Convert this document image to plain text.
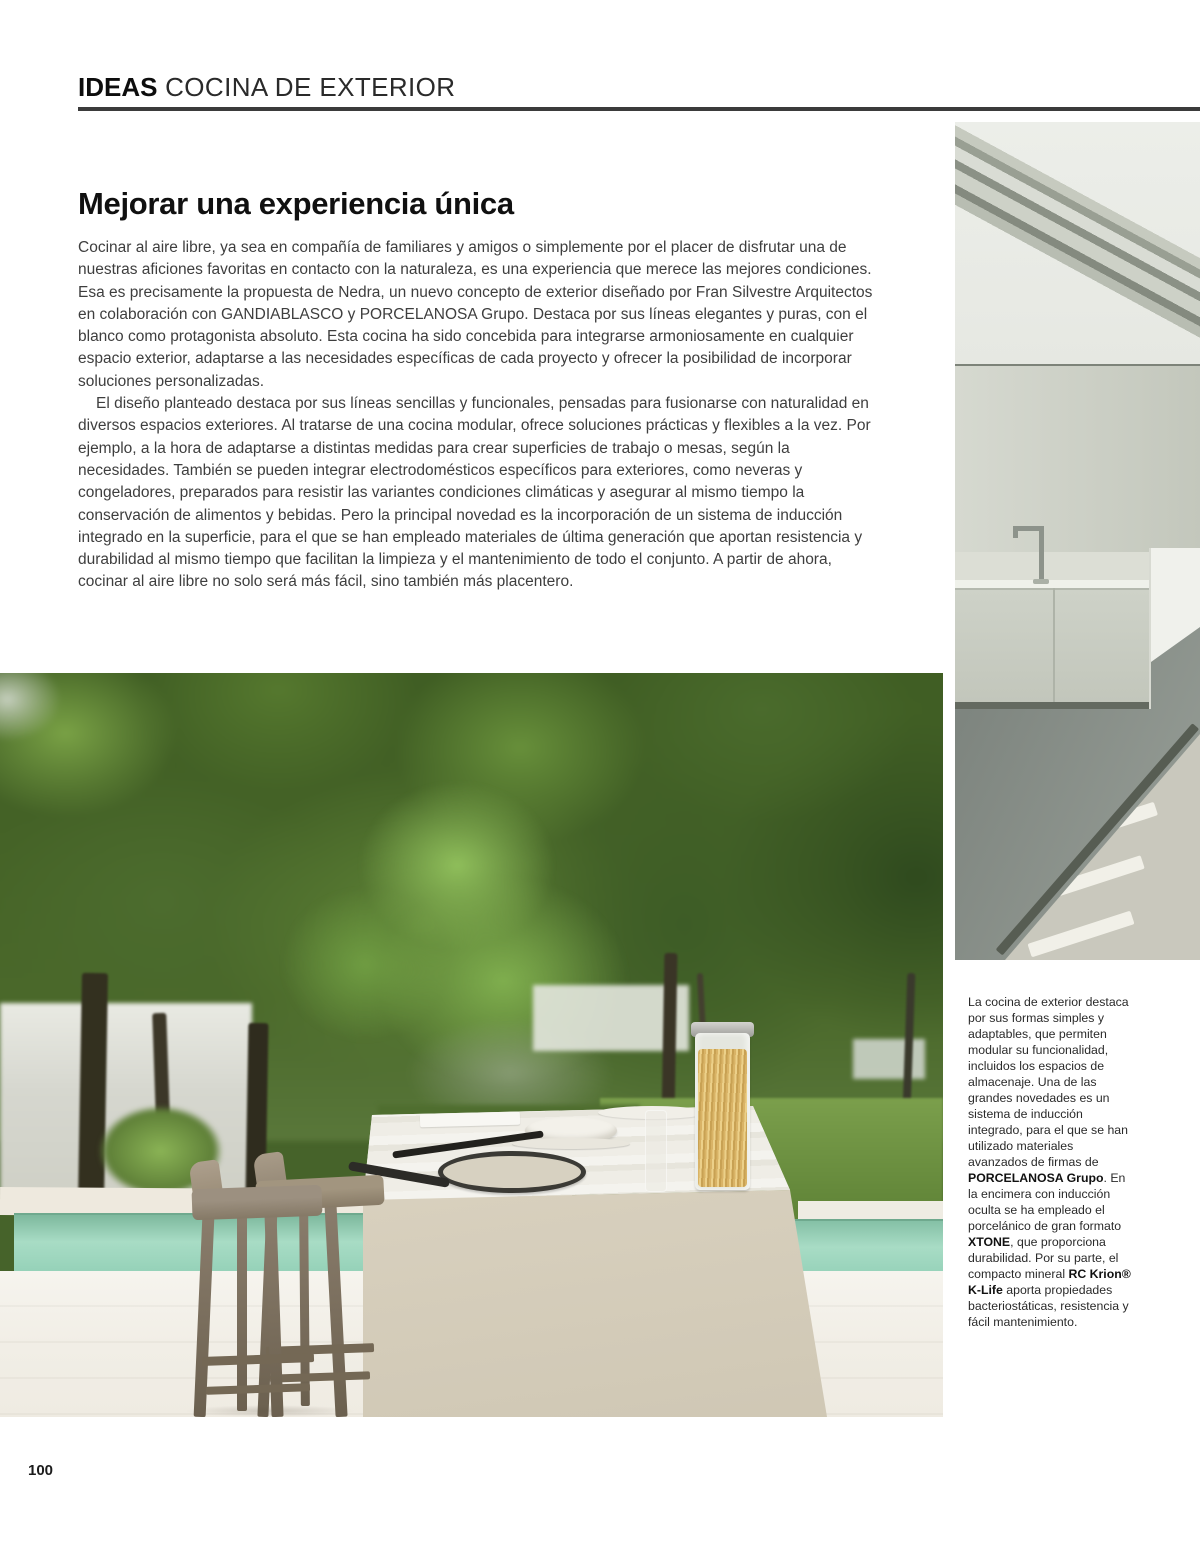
IDEAS COCINA DE EXTERIOR
Mejorar una experiencia única

Cocinar al aire libre, ya sea en compañía de familiares y amigos o simplemente por el placer de disfrutar una de nuestras aficiones favoritas en contacto con la naturaleza, es una experiencia que merece las mejores condiciones. Esa es precisamente la propuesta de Nedra, un nuevo concepto de exterior diseñado por Fran Silvestre Arquitectos en colaboración con GANDIABLASCO y PORCELANOSA Grupo. Destaca por sus líneas elegantes y puras, con el blanco como protagonista absoluto. Esta cocina ha sido concebida para integrarse armoniosamente en cualquier espacio exterior, adaptarse a las necesidades específicas de cada proyecto y ofrecer la posibilidad de incorporar soluciones personalizadas.

El diseño planteado destaca por sus líneas sencillas y funcionales, pensadas para fusionarse con naturalidad en diversos espacios exteriores. Al tratarse de una cocina modular, ofrece soluciones prácticas y flexibles a la vez. Por ejemplo, a la hora de adaptarse a distintas medidas para crear superficies de trabajo o mesas, según la necesidades. También se pueden integrar electrodomésticos específicos para exteriores, como neveras y congeladores, preparados para resistir las variantes condiciones climáticas y asegurar al mismo tiempo la conservación de alimentos y bebidas. Pero la principal novedad es la incorporación de un sistema de inducción integrado en la superficie, para el que se han empleado materiales de última generación que aportan resistencia y durabilidad al mismo tiempo que facilitan la limpieza y el mantenimiento de todo el conjunto. A partir de ahora, cocinar al aire libre no solo será más fácil, sino también más placentero.

La cocina de exterior destaca por sus formas simples y adaptables, que permiten modular su funcionalidad, incluidos los espacios de almacenaje. Una de las grandes novedades es un sistema de inducción integrado, para el que se han utilizado materiales avanzados de firmas de PORCELANOSA Grupo. En la encimera con inducción oculta se ha empleado el porcelánico de gran formato XTONE, que proporciona durabilidad. Por su parte, el compacto mineral RC Krion® K-Life aporta propiedades bacteriostáticas, resistencia y fácil mantenimiento.
100
